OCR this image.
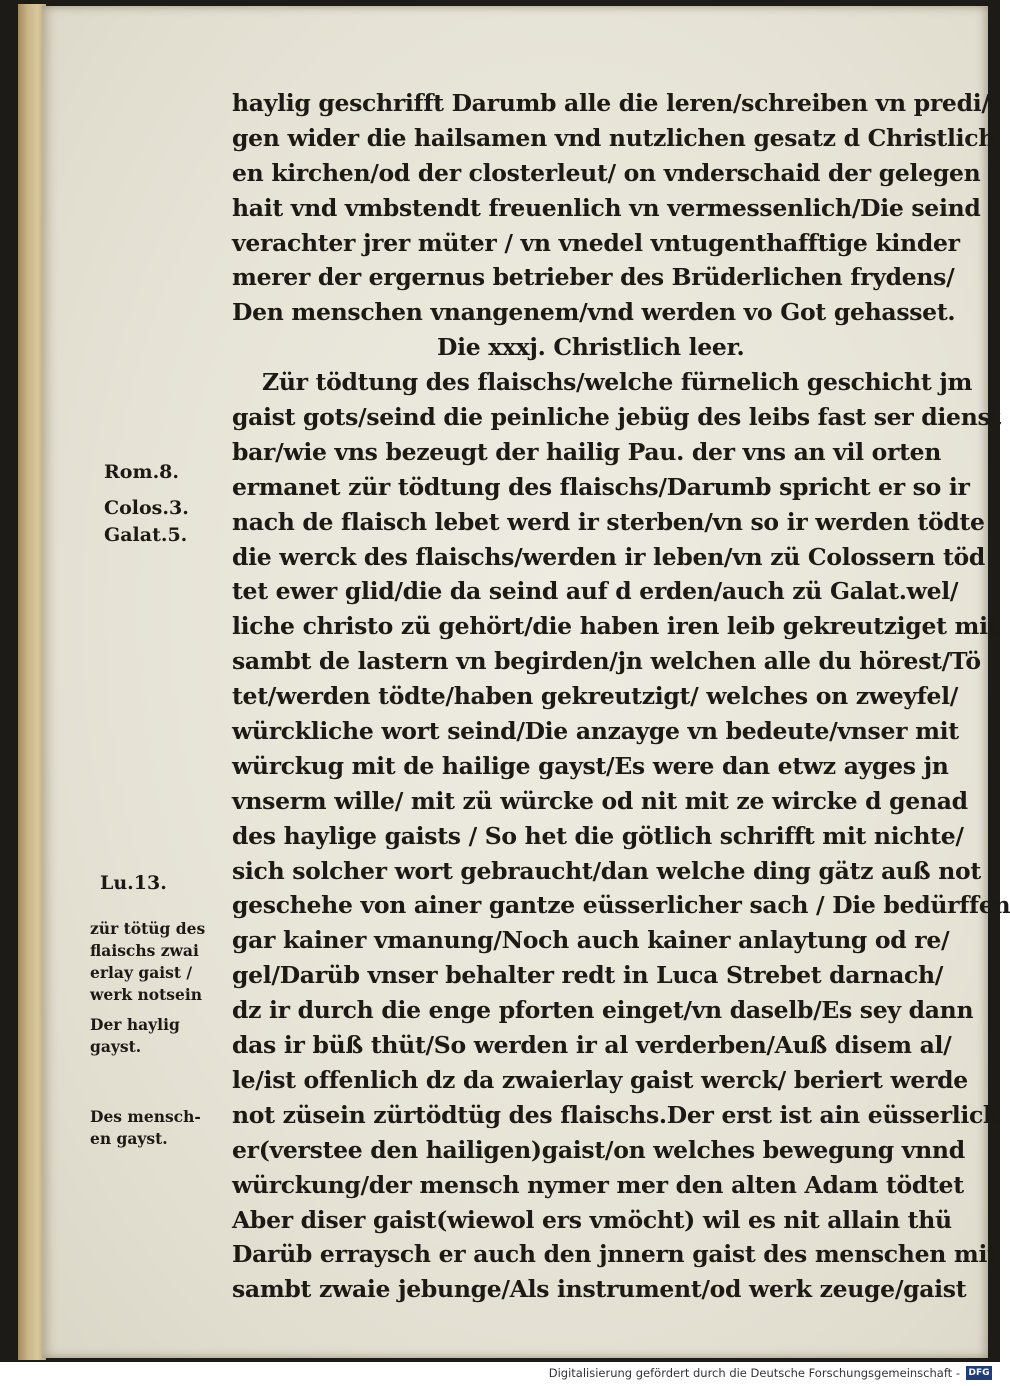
Rom.8.
Colos.3.
Galat.5.
Lu.13.
zür tötüg des
flaischs zwai
erlay gaist /
werk notsein
Der haylig
gayst.
Des mensch-
en gayst.
haylig geschrifft Darumb alle die leren/schreiben vn predi/
gen wider die hailsamen vnd nutzlichen gesatz d Christlich
en kirchen/od der closterleut/ on vnderschaid der gelegen
hait vnd vmbstendt freuenlich vn vermessenlich/Die seind
verachter jrer müter / vn vnedel vntugenthafftige kinder
merer der ergernus betrieber des Brüderlichen frydens/
Den menschen vnangenem/vnd werden vo Got gehasset.
Die xxxj. Christlich leer.
Zür tödtung des flaischs/welche fürnelich geschicht jm
gaist gots/seind die peinliche jebüg des leibs fast ser dienst
bar/wie vns bezeugt der hailig Pau. der vns an vil orten
ermanet zür tödtung des flaischs/Darumb spricht er so ir
nach de flaisch lebet werd ir sterben/vn so ir werden tödte
die werck des flaischs/werden ir leben/vn zü Colossern töd
tet ewer glid/die da seind auf d erden/auch zü Galat.wel/
liche christo zü gehört/die haben iren leib gekreutziget mit
sambt de lastern vn begirden/jn welchen alle du hörest/Tö
tet/werden tödte/haben gekreutzigt/ welches on zweyfel/
würckliche wort seind/Die anzayge vn bedeute/vnser mit
würckug mit de hailige gayst/Es were dan etwz ayges jn
vnserm wille/ mit zü würcke od nit mit ze wircke d genad
des haylige gaists / So het die götlich schrifft mit nichte/
sich solcher wort gebraucht/dan welche ding gätz auß not
geschehe von ainer gantze eüsserlicher sach / Die bedürffen
gar kainer vmanung/Noch auch kainer anlaytung od re/
gel/Darüb vnser behalter redt in Luca Strebet darnach/
dz ir durch die enge pforten einget/vn daselb/Es sey dann
das ir büß thüt/So werden ir al verderben/Auß disem al/
le/ist offenlich dz da zwaierlay gaist werck/ beriert werde
not züsein zürtödtüg des flaischs.Der erst ist ain eüsserlich
er(verstee den hailigen)gaist/on welches bewegung vnnd
würckung/der mensch nymer mer den alten Adam tödtet
Aber diser gaist(wiewol ers vmöcht) wil es nit allain thü
Darüb erraysch er auch den jnnern gaist des menschen mit
sambt zwaie jebunge/Als instrument/od werk zeuge/gaist
Digitalisierung gefördert durch die Deutsche Forschungsgemeinschaft - DFG
